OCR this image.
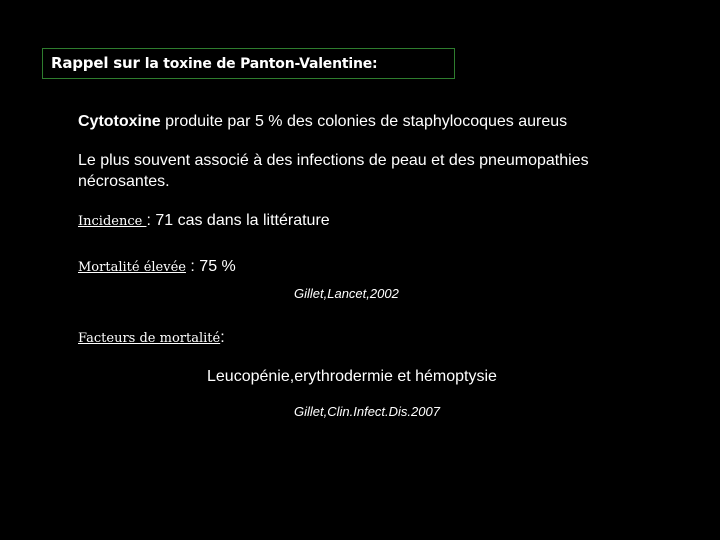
Rappel sur la toxine de Panton-Valentine:
Cytotoxine produite par 5 % des colonies de staphylocoques aureus
Le plus souvent associé à des infections de peau et des pneumopathies nécrosantes.
Incidence : 71 cas dans la littérature
Mortalité élevée : 75 %
Gillet,Lancet,2002
Facteurs de mortalité:
Leucopénie,erythrodermie et hémoptysie
Gillet,Clin.Infect.Dis.2007
